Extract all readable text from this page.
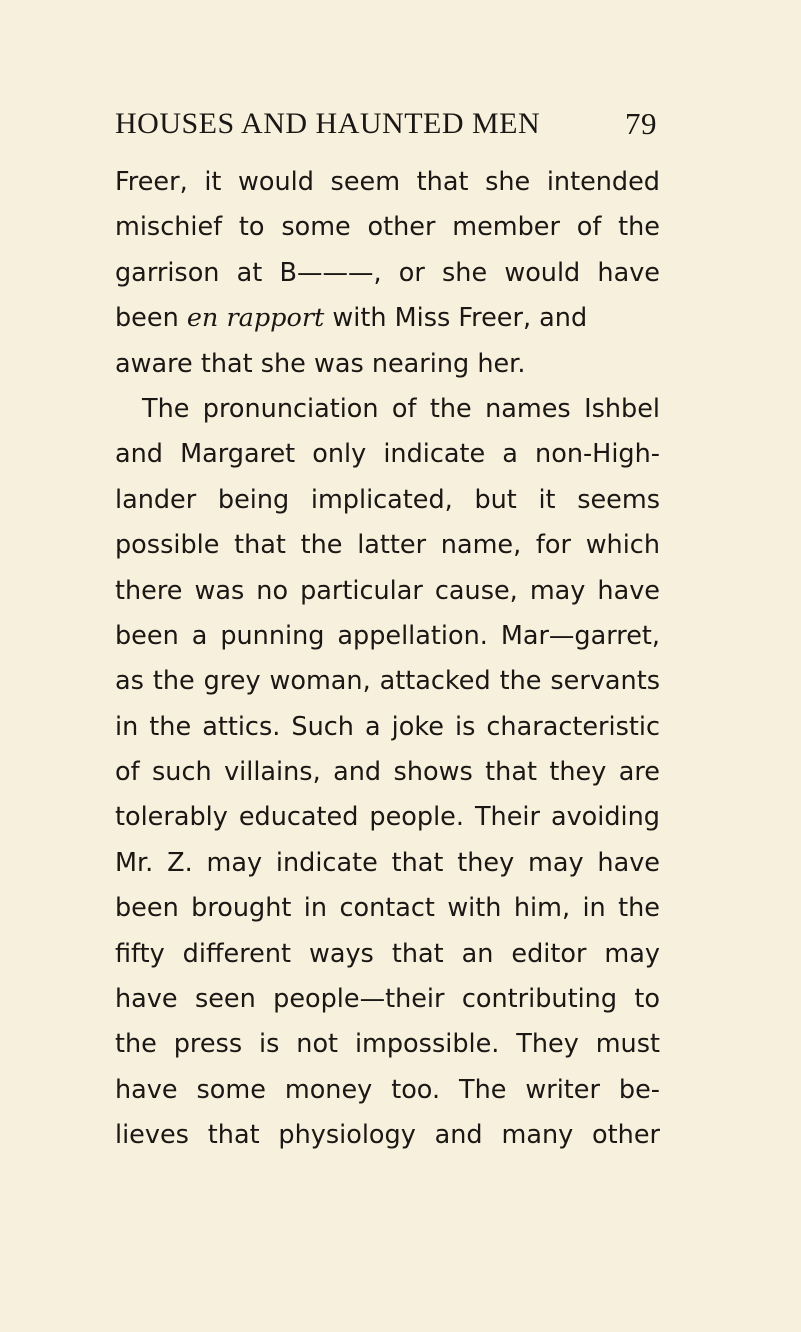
HOUSES AND HAUNTED MEN	79
Freer, it would seem that she intended
mischief to some other member of the
garrison at B———, or she would have
been en rapport with Miss Freer, and
aware that she was nearing her.
The pronunciation of the names Ishbel
and Margaret only indicate a non-High-
lander being implicated, but it seems
possible that the latter name, for which
there was no particular cause, may have
been a punning appellation. Mar—garret,
as the grey woman, attacked the servants
in the attics. Such a joke is characteristic
of such villains, and shows that they are
tolerably educated people. Their avoiding
Mr. Z. may indicate that they may have
been brought in contact with him, in the
fifty different ways that an editor may
have seen people—their contributing to
the press is not impossible. They must
have some money too. The writer be-
lieves that physiology and many other
